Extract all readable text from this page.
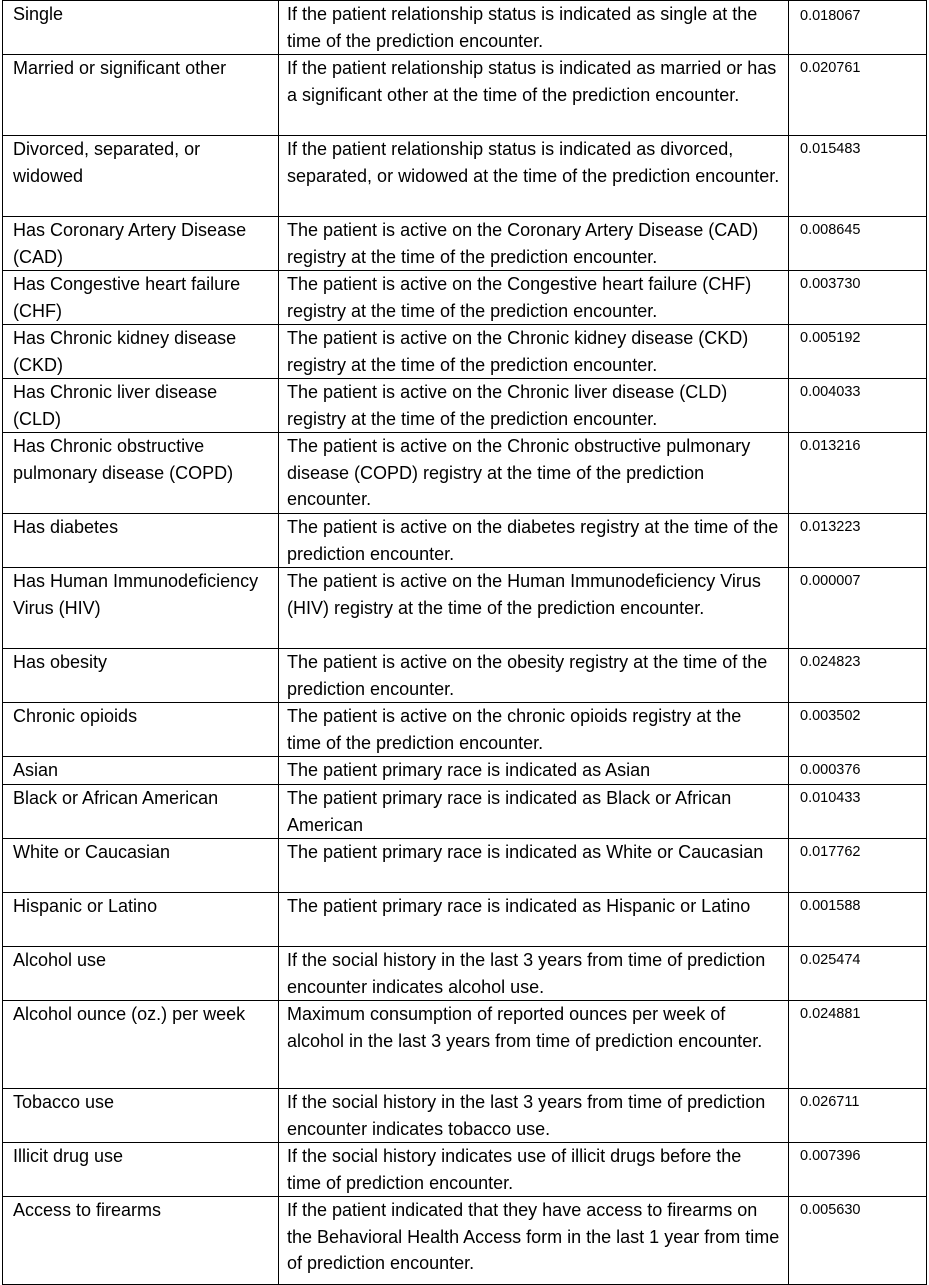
Single	If the patient relationship status is indicated as single at the time of the prediction encounter.	0.018067
Married or significant other	If the patient relationship status is indicated as married or has a significant other at the time of the prediction encounter.	0.020761
Divorced, separated, or widowed	If the patient relationship status is indicated as divorced, separated, or widowed at the time of the prediction encounter.	0.015483
Has Coronary Artery Disease (CAD)	The patient is active on the Coronary Artery Disease (CAD) registry at the time of the prediction encounter.	0.008645
Has Congestive heart failure (CHF)	The patient is active on the Congestive heart failure (CHF) registry at the time of the prediction encounter.	0.003730
Has Chronic kidney disease (CKD)	The patient is active on the Chronic kidney disease (CKD) registry at the time of the prediction encounter.	0.005192
Has Chronic liver disease (CLD)	The patient is active on the Chronic liver disease (CLD) registry at the time of the prediction encounter.	0.004033
Has Chronic obstructive pulmonary disease (COPD)	The patient is active on the Chronic obstructive pulmonary disease (COPD) registry at the time of the prediction encounter.	0.013216
Has diabetes	The patient is active on the diabetes registry at the time of the prediction encounter.	0.013223
Has Human Immunodeficiency Virus (HIV)	The patient is active on the Human Immunodeficiency Virus (HIV) registry at the time of the prediction encounter.	0.000007
Has obesity	The patient is active on the obesity registry at the time of the prediction encounter.	0.024823
Chronic opioids	The patient is active on the chronic opioids registry at the time of the prediction encounter.	0.003502
Asian	The patient primary race is indicated as Asian	0.000376
Black or African American	The patient primary race is indicated as Black or African American	0.010433
White or Caucasian	The patient primary race is indicated as White or Caucasian	0.017762
Hispanic or Latino	The patient primary race is indicated as Hispanic or Latino	0.001588
Alcohol use	If the social history in the last 3 years from time of prediction encounter indicates alcohol use.	0.025474
Alcohol ounce (oz.) per week	Maximum consumption of reported ounces per week of alcohol in the last 3 years from time of prediction encounter.	0.024881
Tobacco use	If the social history in the last 3 years from time of prediction encounter indicates tobacco use.	0.026711
Illicit drug use	If the social history indicates use of illicit drugs before the time of prediction encounter.	0.007396
Access to firearms	If the patient indicated that they have access to firearms on the Behavioral Health Access form in the last 1 year from time of prediction encounter.	0.005630
